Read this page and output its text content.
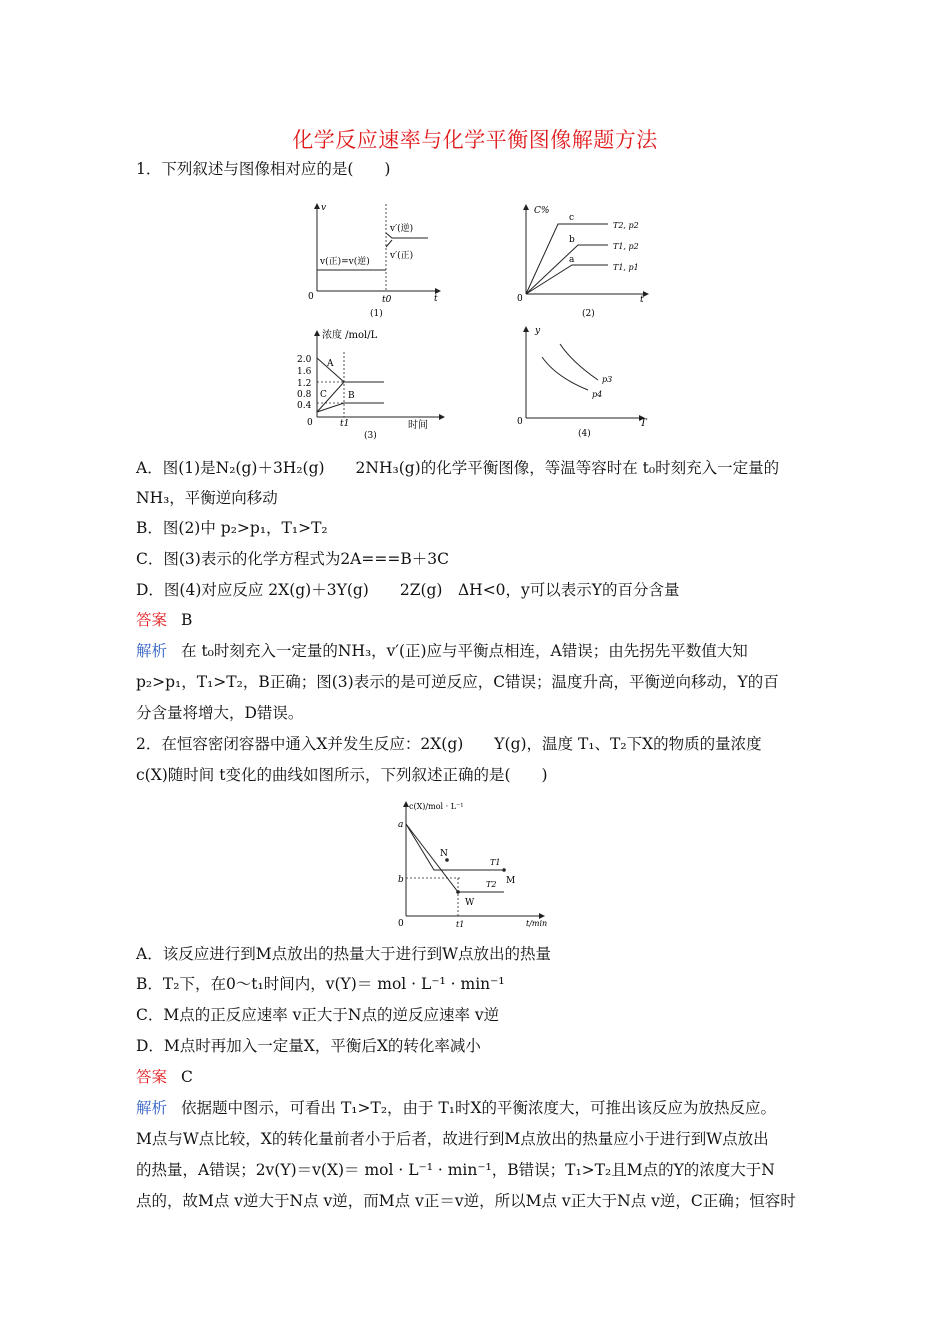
化学反应速率与化学平衡图像解题方法
1．下列叙述与图像相对应的是(　　)
v
t
0	t0
v(正)=v(逆)
v′(逆)
v′(正)
(1)
C%
t
0
c
b
a
T2, p2
T1, p2
T1, p1
(2)
浓度 /mol/L
2.0
1.6
1.2
0.8
0.4
0	t1	时间
A
B
C
(3)
y
T
0
p3
p4
(4)
A．图(1)是N₂(g)＋3H₂(g)　　2NH₃(g)的化学平衡图像，等温等容时在 t₀时刻充入一定量的
NH₃，平衡逆向移动
B．图(2)中 p₂>p₁，T₁>T₂
C．图(3)表示的化学方程式为2A===B＋3C
D．图(4)对应反应 2X(g)＋3Y(g)　　2Z(g)　ΔH<0，y可以表示Y的百分含量
答案 B
解析 在 t₀时刻充入一定量的NH₃，v′(正)应与平衡点相连，A错误；由先拐先平数值大知
p₂>p₁，T₁>T₂，B正确；图(3)表示的是可逆反应，C错误；温度升高，平衡逆向移动，Y的百
分含量将增大，D错误。
2．在恒容密闭容器中通入X并发生反应：2X(g)　　Y(g)，温度 T₁、T₂下X的物质的量浓度
c(X)随时间 t变化的曲线如图所示，下列叙述正确的是(　　)
c(X)/mol · L⁻¹
t/min
0
a
b
t1
N
M
W
T1
T2
A．该反应进行到M点放出的热量大于进行到W点放出的热量
B．T₂下，在0～t₁时间内，v(Y)＝ mol · L⁻¹ · min⁻¹
C．M点的正反应速率 v正大于N点的逆反应速率 v逆
D．M点时再加入一定量X，平衡后X的转化率减小
答案 C
解析 依据题中图示，可看出 T₁>T₂，由于 T₁时X的平衡浓度大，可推出该反应为放热反应。
M点与W点比较，X的转化量前者小于后者，故进行到M点放出的热量应小于进行到W点放出
的热量，A错误；2v(Y)＝v(X)＝ mol · L⁻¹ · min⁻¹，B错误；T₁>T₂且M点的Y的浓度大于N
点的，故M点 v逆大于N点 v逆，而M点 v正＝v逆，所以M点 v正大于N点 v逆，C正确；恒容时
